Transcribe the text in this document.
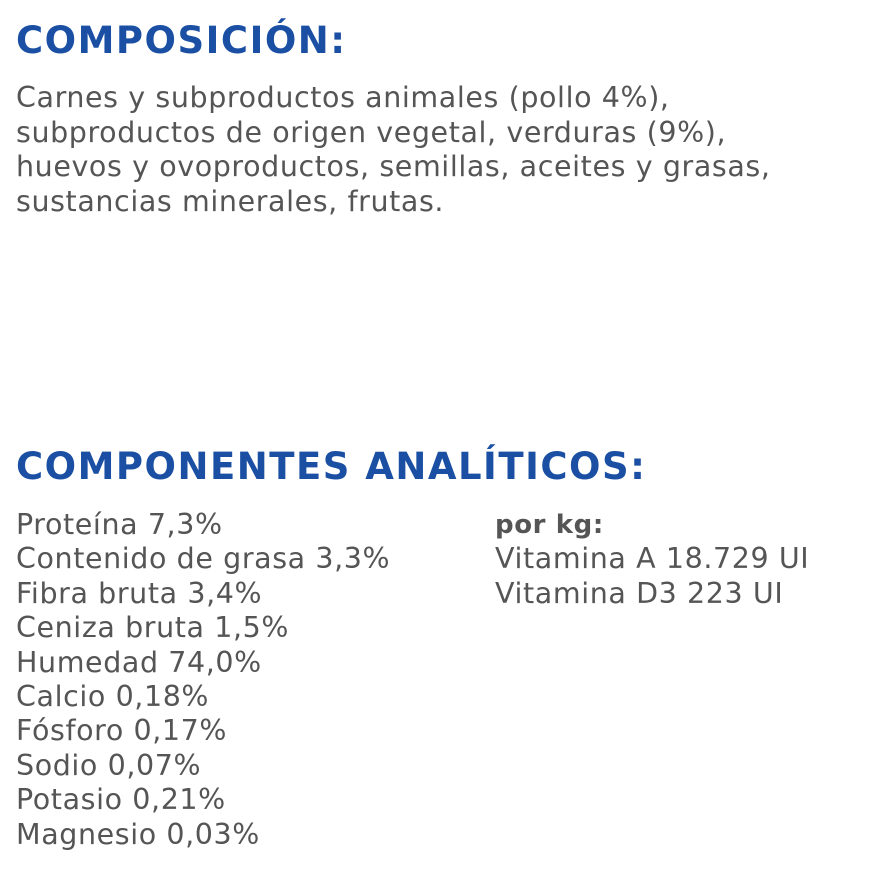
COMPOSICIÓN:

Carnes y subproductos animales (pollo 4%),
subproductos de origen vegetal, verduras (9%),
huevos y ovoproductos, semillas, aceites y grasas,
sustancias minerales, frutas.

COMPONENTES ANALÍTICOS:
Proteína 7,3%
Contenido de grasa 3,3%
Fibra bruta 3,4%
Ceniza bruta 1,5%
Humedad 74,0%
Calcio 0,18%
Fósforo 0,17%
Sodio 0,07%
Potasio 0,21%
Magnesio 0,03%
por kg:
Vitamina A 18.729 UI
Vitamina D3 223 UI
